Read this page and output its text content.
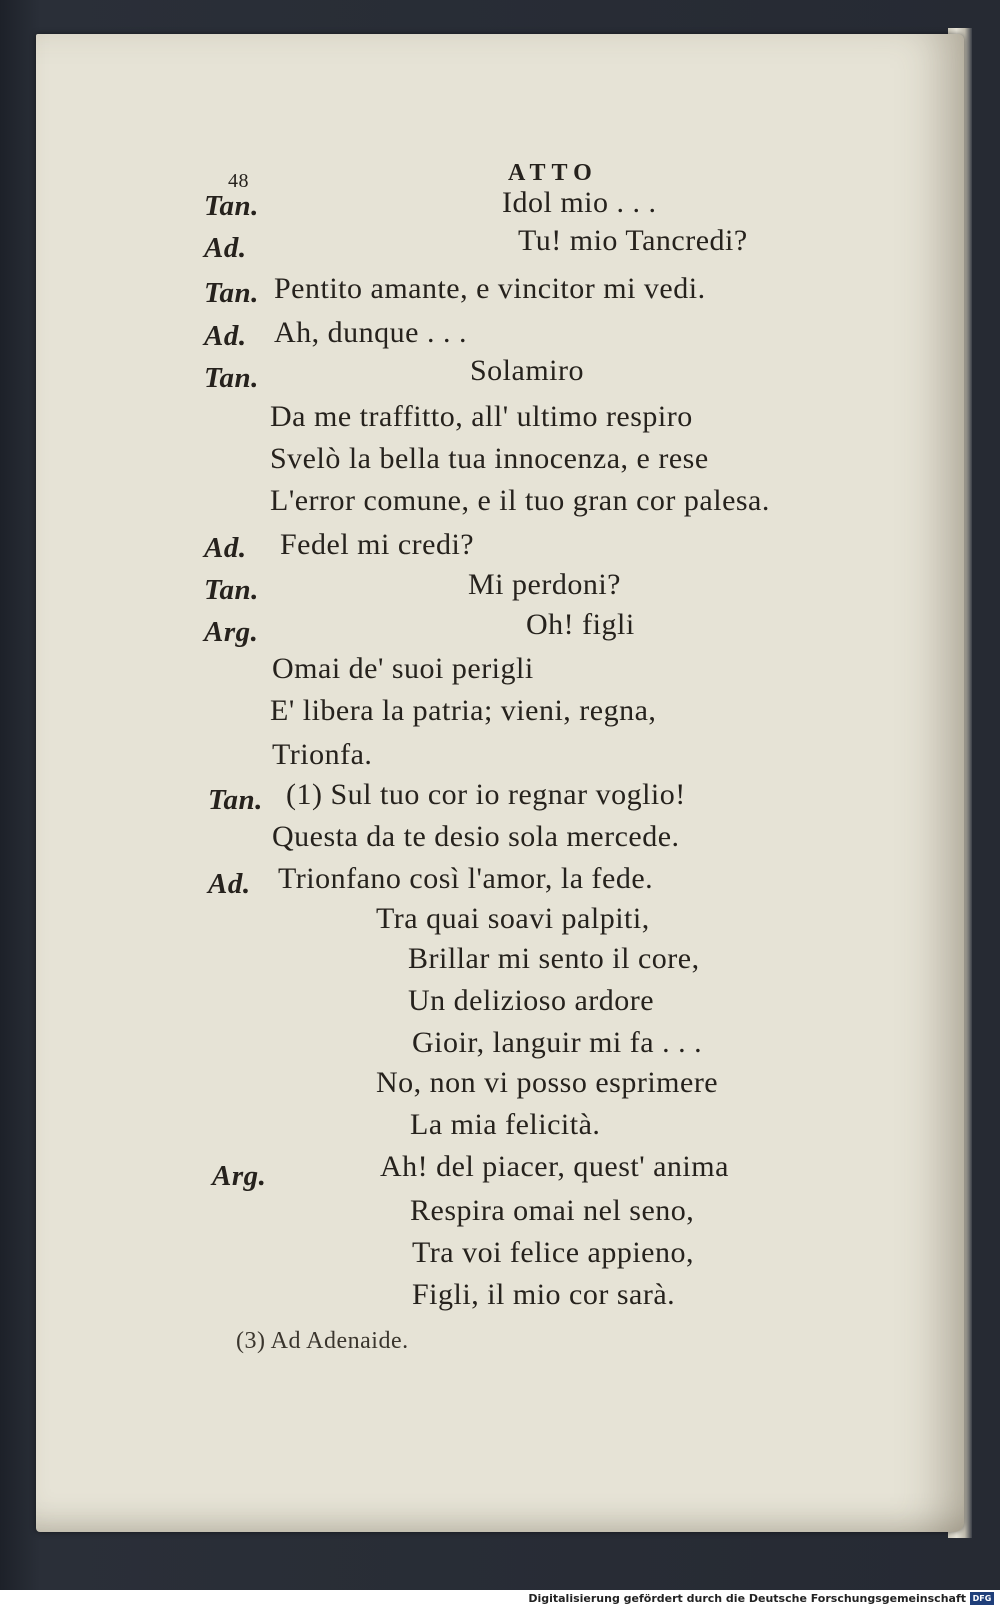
48	ATTO
Tan.	Idol mio . . .
Ad.	Tu! mio Tancredi?
Tan. Pentito amante, e vincitor mi vedi.
Ad. Ah, dunque . . .
Tan.	Solamiro
Da me traffitto, all' ultimo respiro
Svelò la bella tua innocenza, e rese
L'error comune, e il tuo gran cor palesa.
Ad. Fedel mi credi?
Tan.	Mi perdoni?
Arg.	Oh! figli
Omai de' suoi perigli
E' libera la patria; vieni, regna,
Trionfa.
Tan. (1) Sul tuo cor io regnar voglio!
Questa da te desio sola mercede.
Ad. Trionfano così l'amor, la fede.
Tra quai soavi palpiti,
Brillar mi sento il core,
Un delizioso ardore
Gioir, languir mi fa . . .
No, non vi posso esprimere
La mia felicità.
Arg.	Ah! del piacer, quest' anima
Respira omai nel seno,
Tra voi felice appieno,
Figli, il mio cor sarà.
(3) Ad Adenaide.
Digitalisierung gefördert durch die Deutsche Forschungsgemeinschaft DFG
